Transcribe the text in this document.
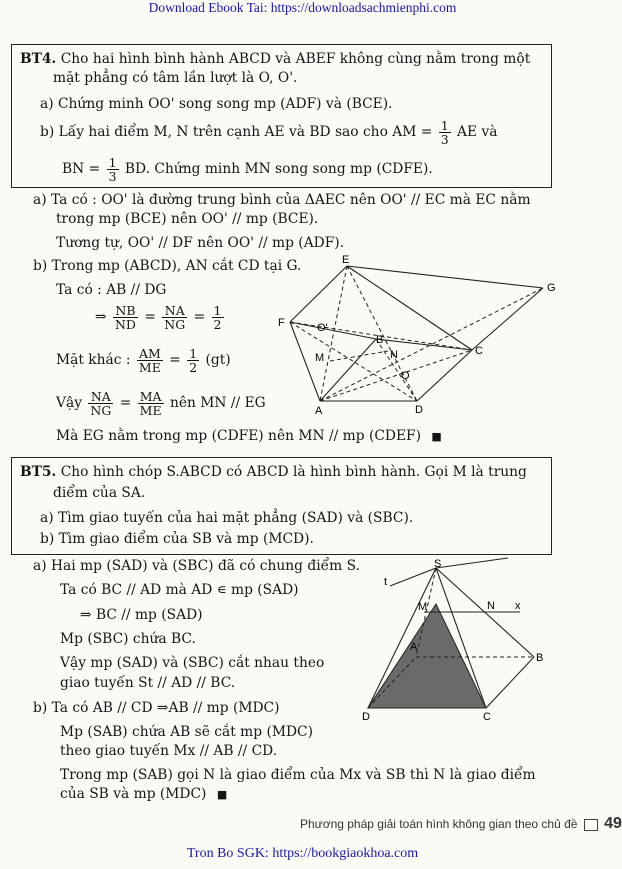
Download Ebook Tai: https://downloadsachmienphi.com
BT4. Cho hai hình bình hành ABCD và ABEF không cùng nằm trong một
mặt phẳng có tâm lần lượt là O, O'.
a) Chứng minh OO' song song mp (ADF) và (BCE).
b) Lấy hai điểm M, N trên cạnh AE và BD sao cho AM = $\frac{1}{3}$ AE và
BN = $\frac{1}{3}$ BD. Chứng minh MN song song mp (CDFE).
a) Ta có : OO' là đường trung bình của ΔAEC nên OO' // EC mà EC nằm
trong mp (BCE) nên OO' // mp (BCE).
Tương tự, OO' // DF nên OO' // mp (ADF).
b) Trong mp (ABCD), AN cắt CD tại G.
Ta có : AB // DG
⇒ $\frac{NB}{ND} = \frac{NA}{NG} = \frac{1}{2}$
Mặt khác : $\frac{AM}{ME} = \frac{1}{2} (gt)$
Vậy $\frac{NA}{NG} = \frac{MA}{ME}$ nên MN // EG
Mà EG nằm trong mp (CDFE) nên MN // mp (CDEF) ■
E
G
F	O'
B
C
M	N
O
A	D
BT5. Cho hình chóp S.ABCD có ABCD là hình bình hành. Gọi M là trung
điểm của SA.
a) Tìm giao tuyến của hai mặt phẳng (SAD) và (SBC).
b) Tìm giao điểm của SB và mp (MCD).
a) Hai mp (SAD) và (SBC) đã có chung điểm S.
Ta có BC // AD mà AD ∊ mp (SAD)
⇒ BC // mp (SAD)
Mp (SBC) chứa BC.
Vậy mp (SAD) và (SBC) cắt nhau theo
giao tuyến St // AD // BC.
b) Ta có AB // CD ⇒AB // mp (MDC)
Mp (SAB) chứa AB sẽ cắt mp (MDC)
theo giao tuyến Mx // AB // CD.
Trong mp (SAB) gọi N là giao điểm của Mx và SB thì N là giao điểm
của SB và mp (MDC) ■
t
S
M	N x
A
B
D	C
Phương pháp giải toán hình không gian theo chủ đề 49
Tron Bo SGK: https://bookgiaokhoa.com
